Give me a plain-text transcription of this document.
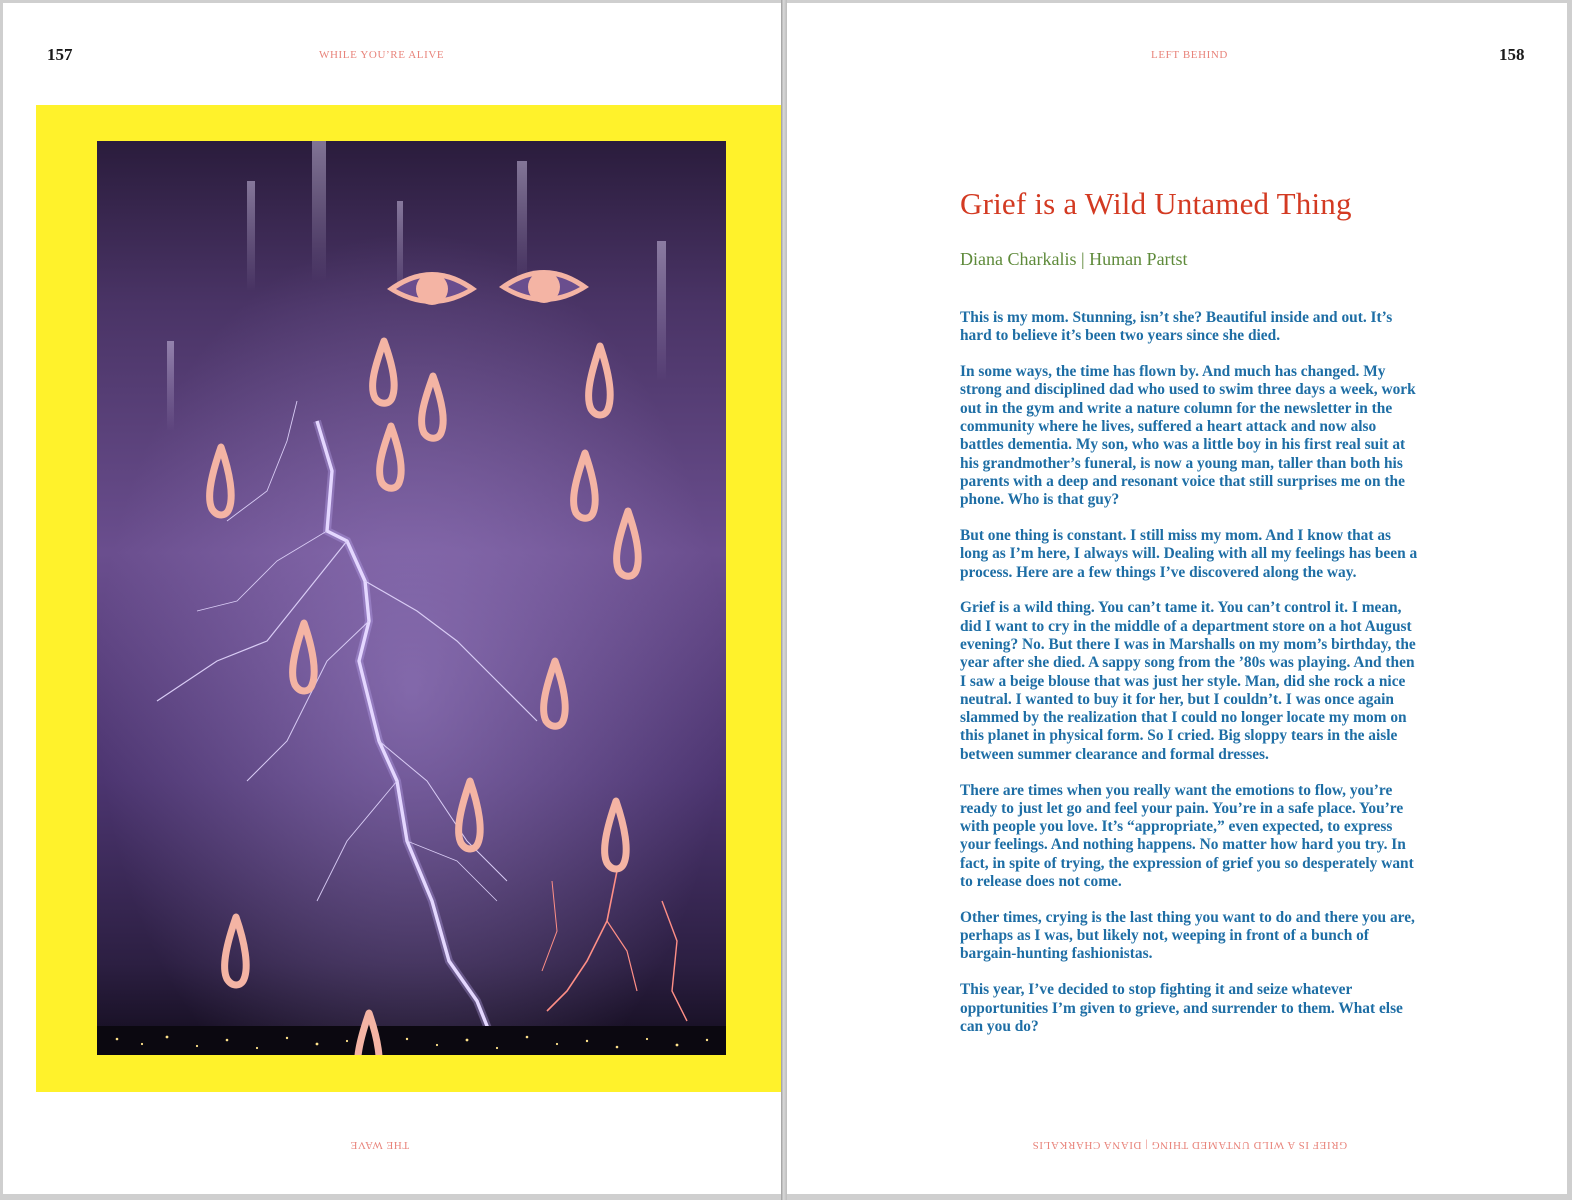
157	WHILE YOU’RE ALIVE
THE WAVE
LEFT BEHIND	158
Grief is a Wild Untamed Thing
Diana Charkalis | Human Partst

This is my mom. Stunning, isn’t she? Beautiful inside and out. It’s hard to believe it’s been two years since she died.

In some ways, the time has flown by. And much has changed. My strong and disciplined dad who used to swim three days a week, work out in the gym and write a nature column for the newsletter in the community where he lives, suffered a heart attack and now also battles dementia. My son, who was a little boy in his first real suit at his grandmother’s funeral, is now a young man, taller than both his parents with a deep and resonant voice that still surprises me on the phone. Who is that guy?

But one thing is constant. I still miss my mom. And I know that as long as I’m here, I always will. Dealing with all my feelings has been a process. Here are a few things I’ve discovered along the way.

Grief is a wild thing. You can’t tame it. You can’t control it. I mean, did I want to cry in the middle of a department store on a hot August evening? No. But there I was in Marshalls on my mom’s birthday, the year after she died. A sappy song from the ’80s was playing. And then I saw a beige blouse that was just her style. Man, did she rock a nice neutral. I wanted to buy it for her, but I couldn’t. I was once again slammed by the realization that I could no longer locate my mom on this planet in physical form. So I cried. Big sloppy tears in the aisle between summer clearance and formal dresses.

There are times when you really want the emotions to flow, you’re ready to just let go and feel your pain. You’re in a safe place. You’re with people you love. It’s “appropriate,” even expected, to express your feelings. And nothing happens. No matter how hard you try. In fact, in spite of trying, the expression of grief you so desperately want to release does not come.

Other times, crying is the last thing you want to do and there you are, perhaps as I was, but likely not, weeping in front of a bunch of bargain-hunting fashionistas.

This year, I’ve decided to stop fighting it and seize whatever opportunities I’m given to grieve, and surrender to them. What else can you do?

GRIEF IS A WILD UNTAMED THING | DIANA CHARKALIS
